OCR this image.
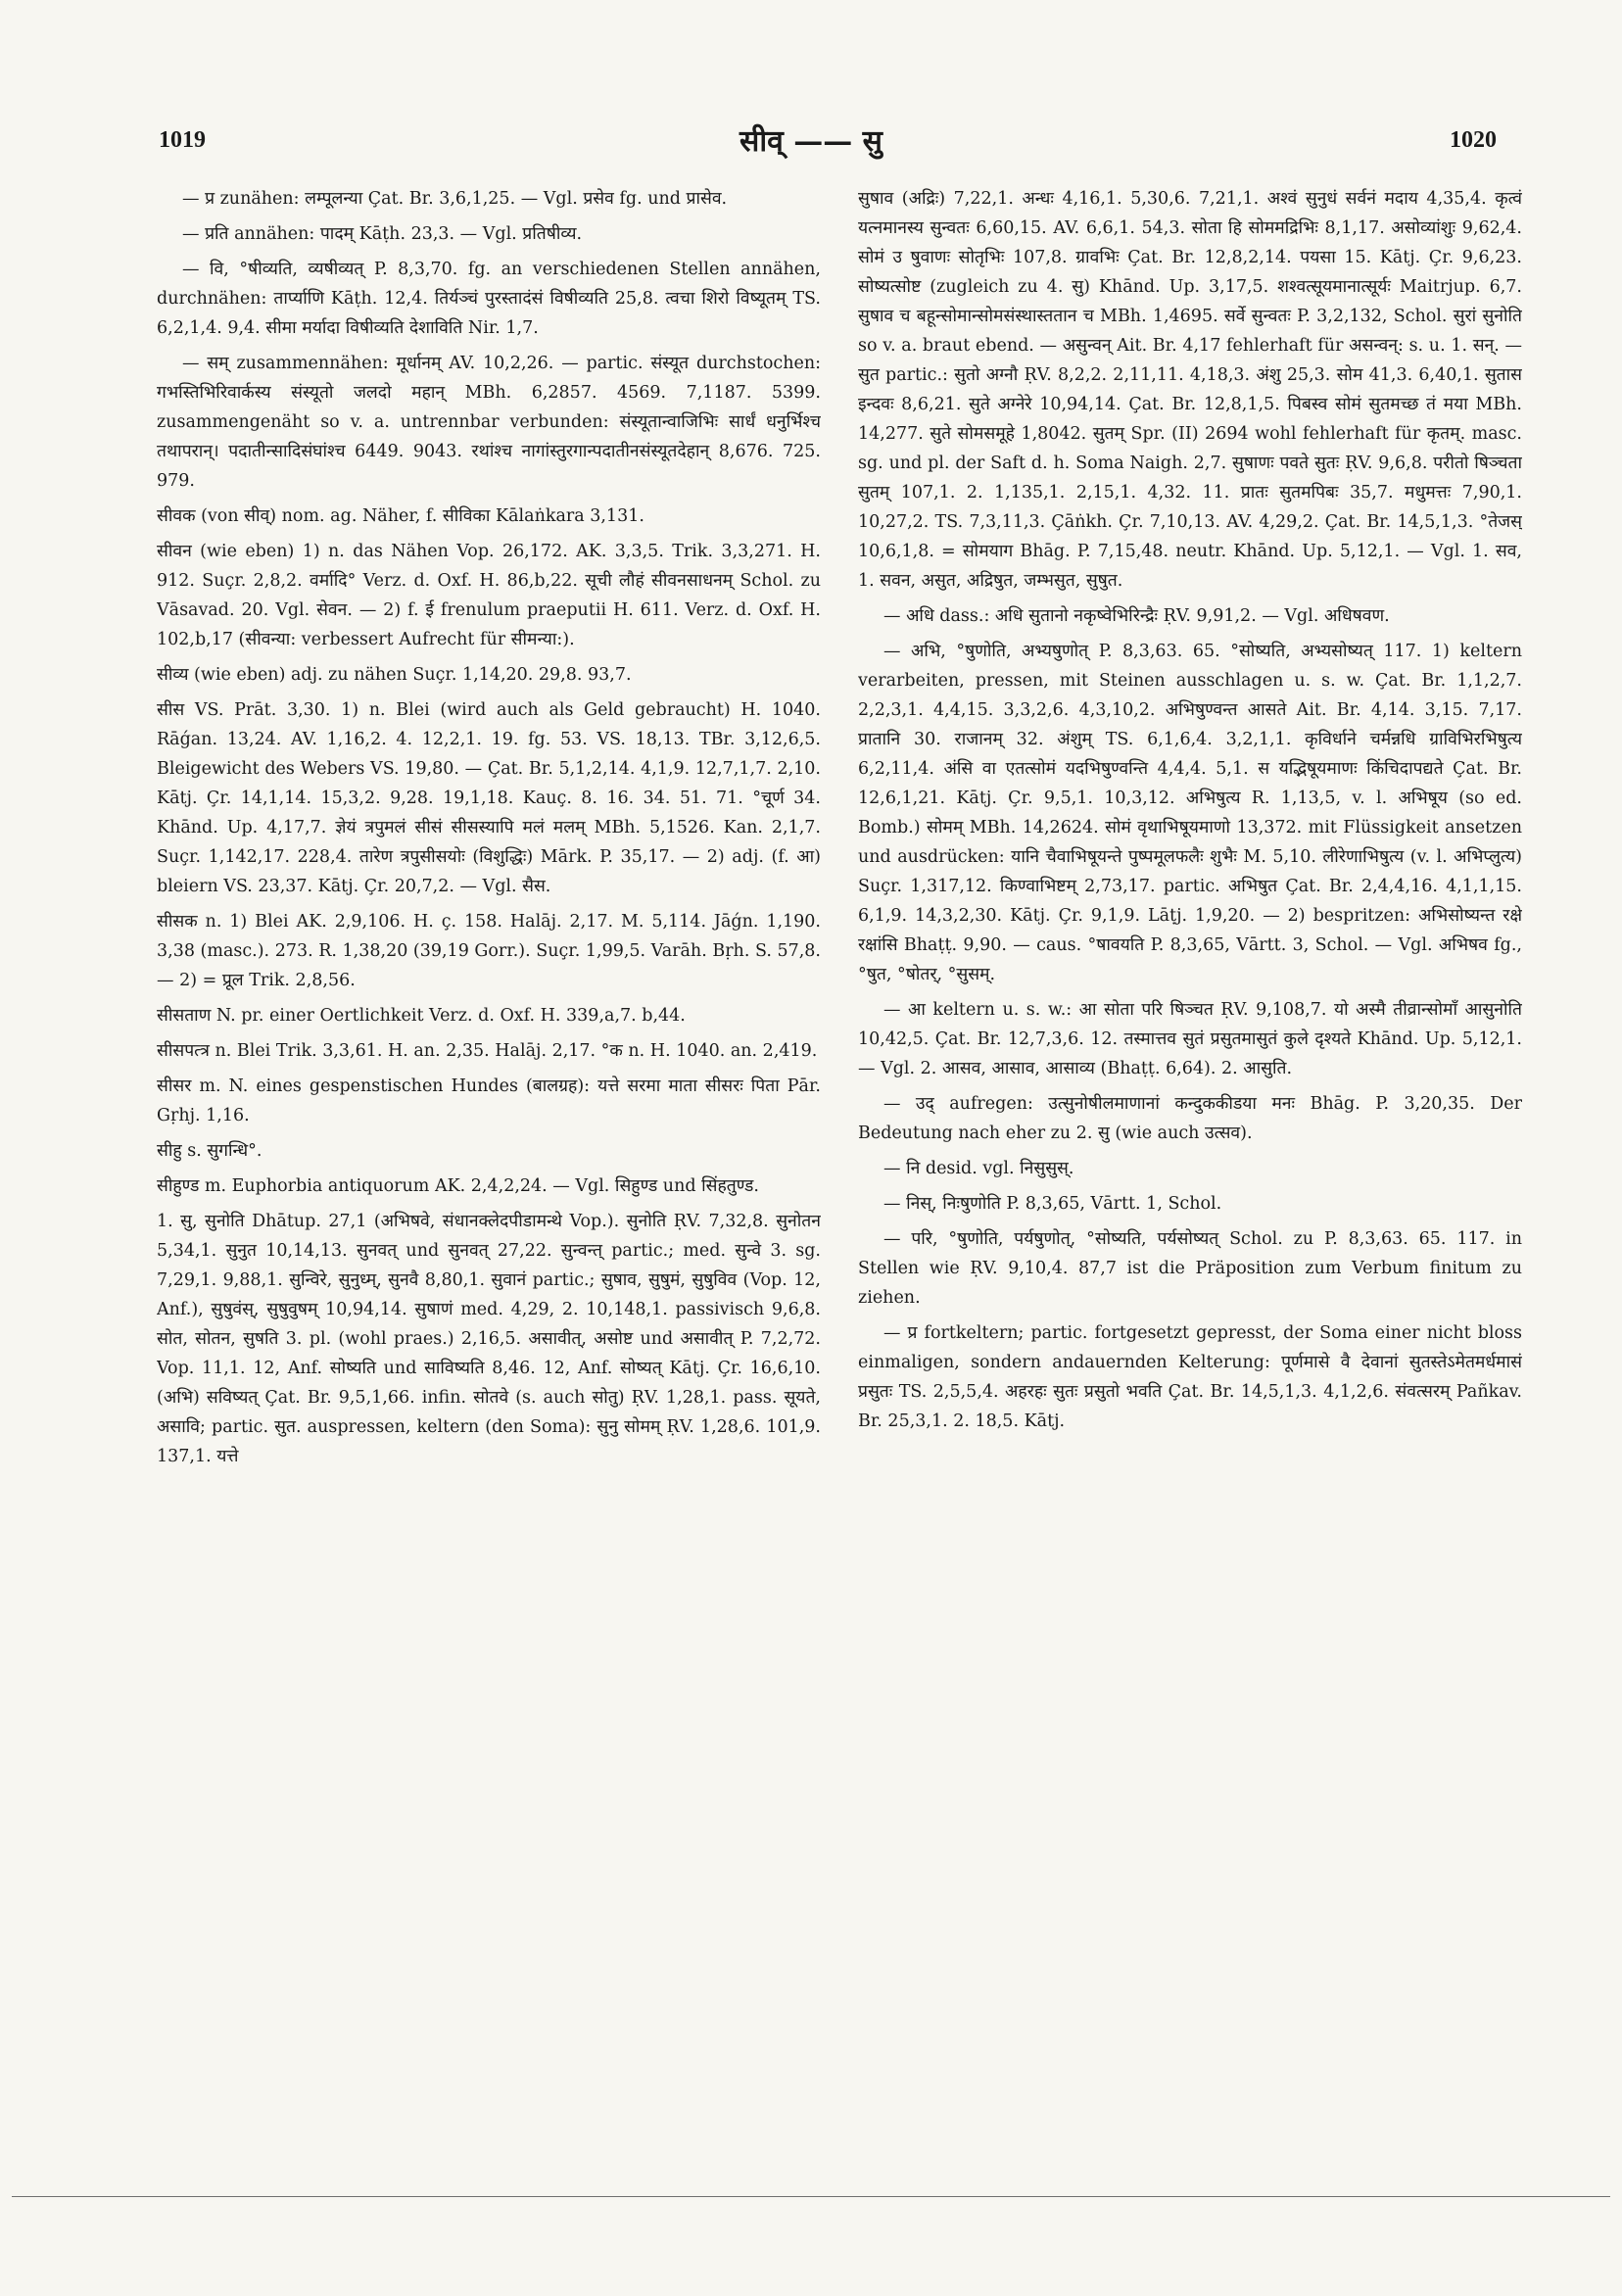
1019	सीव् —— सु	1020

— प्र zunähen: लम्पूलन्या Çat. Br. 3,6,1,25. — Vgl. प्रसेव fg. und प्रासेव.

— प्रति annähen: पादम् Kāṭh. 23,3. — Vgl. प्रतिषीव्य.

— वि, °षीव्यति, व्यषीव्यत् P. 8,3,70. fg. an verschiedenen Stellen annähen, durchnähen: तार्प्याणि Kāṭh. 12,4. तिर्यञ्चं पुरस्तादंसं विषीव्यति 25,8. त्वचा शिरो विष्यूतम् TS. 6,2,1,4. 9,4. सीमा मर्यादा विषीव्यति देशाविति Nir. 1,7.

— सम् zusammennähen: मूर्धानम् AV. 10,2,26. — partic. संस्यूत durchstochen: गभस्तिभिरिवार्कस्य संस्यूतो जलदो महान् MBh. 6,2857. 4569. 7,1187. 5399. zusammengenäht so v. a. untrennbar verbunden: संस्यूतान्वाजिभिः सार्धं धनुर्भिश्च तथापरान्। पदातीन्सादिसंघांश्च 6449. 9043. रथांश्च नागांस्तुरगान्पदातीनसंस्यूतदेहान् 8,676. 725. 979.

सीवक (von सीव्) nom. ag. Näher, f. सीविका Kālaṅkara 3,131.

सीवन (wie eben) 1) n. das Nähen Vop. 26,172. AK. 3,3,5. Trik. 3,3,271. H. 912. Suçr. 2,8,2. वर्मादि° Verz. d. Oxf. H. 86,b,22. सूची लौहं सीवनसाधनम् Schol. zu Vāsavad. 20. Vgl. सेवन. — 2) f. ई frenulum praeputii H. 611. Verz. d. Oxf. H. 102,b,17 (सीवन्या: verbessert Aufrecht für सीमन्या:).

सीव्य (wie eben) adj. zu nähen Suçr. 1,14,20. 29,8. 93,7.

सीस VS. Prāt. 3,30. 1) n. Blei (wird auch als Geld gebraucht) H. 1040. Rāǵan. 13,24. AV. 1,16,2. 4. 12,2,1. 19. fg. 53. VS. 18,13. TBr. 3,12,6,5. Bleigewicht des Webers VS. 19,80. — Çat. Br. 5,1,2,14. 4,1,9. 12,7,1,7. 2,10. Kātj. Çr. 14,1,14. 15,3,2. 9,28. 19,1,18. Kauç. 8. 16. 34. 51. 71. °चूर्ण 34. Khānd. Up. 4,17,7. ज्ञेयं त्रपुमलं सीसं सीसस्यापि मलं मलम् MBh. 5,1526. Kan. 2,1,7. Suçr. 1,142,17. 228,4. तारेण त्रपुसीसयोः (विशुद्धिः) Mārk. P. 35,17. — 2) adj. (f. आ) bleiern VS. 23,37. Kātj. Çr. 20,7,2. — Vgl. सैस.

सीसक n. 1) Blei AK. 2,9,106. H. ç. 158. Halāj. 2,17. M. 5,114. Jāǵn. 1,190. 3,38 (masc.). 273. R. 1,38,20 (39,19 Gorr.). Suçr. 1,99,5. Varāh. Bṛh. S. 57,8. — 2) = प्रूल Trik. 2,8,56.

सीसताण N. pr. einer Oertlichkeit Verz. d. Oxf. H. 339,a,7. b,44.

सीसपत्त्र n. Blei Trik. 3,3,61. H. an. 2,35. Halāj. 2,17. °क n. H. 1040. an. 2,419.

सीसर m. N. eines gespenstischen Hundes (बालग्रह): यत्ते सरमा माता सीसरः पिता Pār. Gṛhj. 1,16.

सीहु s. सुगन्धि°.

सीहुण्ड m. Euphorbia antiquorum AK. 2,4,2,24. — Vgl. सिहुण्ड und सिंहतुण्ड.

1. सु, सुनोति Dhātup. 27,1 (अभिषवे, संधानक्लेदपीडामन्थे Vop.). सुनोति ṚV. 7,32,8. सुनोतन 5,34,1. सुनुत 10,14,13. सुनवत् und सुनवत् 27,22. सुन्वन्त् partic.; med. सुन्वे 3. sg. 7,29,1. 9,88,1. सुन्विरे, सुनुध्म्, सुनवै 8,80,1. सुवानं partic.; सुषाव, सुषुमं, सुषुविव (Vop. 12, Anf.), सुषुवंस्, सुषुवुषम् 10,94,14. सुषाणं med. 4,29, 2. 10,148,1. passivisch 9,6,8. सोत, सोतन, सुषति 3. pl. (wohl praes.) 2,16,5. असावीत्, असोष्ट und असावीत् P. 7,2,72. Vop. 11,1. 12, Anf. सोष्यति und साविष्यति 8,46. 12, Anf. सोष्यत् Kātj. Çr. 16,6,10. (अभि) सविष्यत् Çat. Br. 9,5,1,66. infin. सोतवे (s. auch सोतु) ṚV. 1,28,1. pass. सूयते, असावि; partic. सुत. auspressen, keltern (den Soma): सुनु सोमम् ṚV. 1,28,6. 101,9. 137,1. यत्ते

सुषाव (अद्रिः) 7,22,1. अन्धः 4,16,1. 5,30,6. 7,21,1. अश्वं सुनुधं सर्वनं मदाय 4,35,4. कृत्वं यत्नमानस्य सुन्वतः 6,60,15. AV. 6,6,1. 54,3. सोता हि सोममद्रिभिः 8,1,17. असोव्यांशुः 9,62,4. सोमं उ षुवाणः सोतृभिः 107,8. ग्रावभिः Çat. Br. 12,8,2,14. पयसा 15. Kātj. Çr. 9,6,23. सोष्यत्सोष्ट (zugleich zu 4. सु) Khānd. Up. 3,17,5. शश्वत्सूयमानात्सूर्यः Maitrjup. 6,7. सुषाव च बहून्सोमान्सोमसंस्थास्ततान च MBh. 1,4695. सर्वे सुन्वतः P. 3,2,132, Schol. सुरां सुनोति so v. a. braut ebend. — असुन्वन् Ait. Br. 4,17 fehlerhaft für असन्वन्: s. u. 1. सन्. — सुत partic.: सुतो अग्नौ ṚV. 8,2,2. 2,11,11. 4,18,3. अंशु 25,3. सोम 41,3. 6,40,1. सुतास इन्दवः 8,6,21. सुते अग्नेरे 10,94,14. Çat. Br. 12,8,1,5. पिबस्व सोमं सुतमच्छ तं मया MBh. 14,277. सुते सोमसमूहे 1,8042. सुतम् Spr. (II) 2694 wohl fehlerhaft für कृतम्. masc. sg. und pl. der Saft d. h. Soma Naigh. 2,7. सुषाणः पवते सुतः ṚV. 9,6,8. परीतो षिञ्चता सुतम् 107,1. 2. 1,135,1. 2,15,1. 4,32. 11. प्रातः सुतमपिबः 35,7. मधुमत्तः 7,90,1. 10,27,2. TS. 7,3,11,3. Çāṅkh. Çr. 7,10,13. AV. 4,29,2. Çat. Br. 14,5,1,3. °तेजस् 10,6,1,8. = सोमयाग Bhāg. P. 7,15,48. neutr. Khānd. Up. 5,12,1. — Vgl. 1. सव, 1. सवन, असुत, अद्रिषुत, जम्भसुत, सुषुत.

— अधि dass.: अधि सुतानो नकृष्वेभिरिन्द्रैः ṚV. 9,91,2. — Vgl. अधिषवण.

— अभि, °षुणोति, अभ्यषुणोत् P. 8,3,63. 65. °सोष्यति, अभ्यसोष्यत् 117. 1) keltern verarbeiten, pressen, mit Steinen ausschlagen u. s. w. Çat. Br. 1,1,2,7. 2,2,3,1. 4,4,15. 3,3,2,6. 4,3,10,2. अभिषुण्वन्त आसते Ait. Br. 4,14. 3,15. 7,17. प्रातानि 30. राजानम् 32. अंशुम् TS. 6,1,6,4. 3,2,1,1. कृविर्धाने चर्मन्नधि ग्राविभिरभिषुत्य 6,2,11,4. अंसि वा एतत्सोमं यदभिषुण्वन्ति 4,4,4. 5,1. स यद्भिषूयमाणः किंचिदापद्यते Çat. Br. 12,6,1,21. Kātj. Çr. 9,5,1. 10,3,12. अभिषुत्य R. 1,13,5, v. l. अभिषूय (so ed. Bomb.) सोमम् MBh. 14,2624. सोमं वृथाभिषूयमाणो 13,372. mit Flüssigkeit ansetzen und ausdrücken: यानि चैवाभिषूयन्ते पुष्पमूलफलैः शुभैः M. 5,10. लीरेणाभिषुत्य (v. l. अभिप्लुत्य) Suçr. 1,317,12. किण्वाभिष्टम् 2,73,17. partic. अभिषुत Çat. Br. 2,4,4,16. 4,1,1,15. 6,1,9. 14,3,2,30. Kātj. Çr. 9,1,9. Lāṭj. 1,9,20. — 2) bespritzen: अभिसोष्यन्त रक्षे रक्षांसि Bhaṭṭ. 9,90. — caus. °षावयति P. 8,3,65, Vārtt. 3, Schol. — Vgl. अभिषव fg., °षुत, °षोतर्, °सुसम्.

— आ keltern u. s. w.: आ सोता परि षिञ्चत ṚV. 9,108,7. यो अस्मै तीव्रान्सोमाँ आसुनोति 10,42,5. Çat. Br. 12,7,3,6. 12. तस्मात्तव सुतं प्रसुतमासुतं कुले दृश्यते Khānd. Up. 5,12,1. — Vgl. 2. आसव, आसाव, आसाव्य (Bhaṭṭ. 6,64). 2. आसुति.

— उद् aufregen: उत्सुनोषीलमाणानां कन्दुककीडया मनः Bhāg. P. 3,20,35. Der Bedeutung nach eher zu 2. सु (wie auch उत्सव).

— नि desid. vgl. निसुसुस्.

— निस्, निःषुणोति P. 8,3,65, Vārtt. 1, Schol.

— परि, °षुणोति, पर्यषुणोत्, °सोष्यति, पर्यसोष्यत् Schol. zu P. 8,3,63. 65. 117. in Stellen wie ṚV. 9,10,4. 87,7 ist die Präposition zum Verbum finitum zu ziehen.

— प्र fortkeltern; partic. fortgesetzt gepresst, der Soma einer nicht bloss einmaligen, sondern andauernden Kelterung: पूर्णमासे वै देवानां सुतस्तेऽमेतमर्धमासं प्रसुतः TS. 2,5,5,4. अहरहः सुतः प्रसुतो भवति Çat. Br. 14,5,1,3. 4,1,2,6. संवत्सरम् Pañkav. Br. 25,3,1. 2. 18,5. Kātj.
